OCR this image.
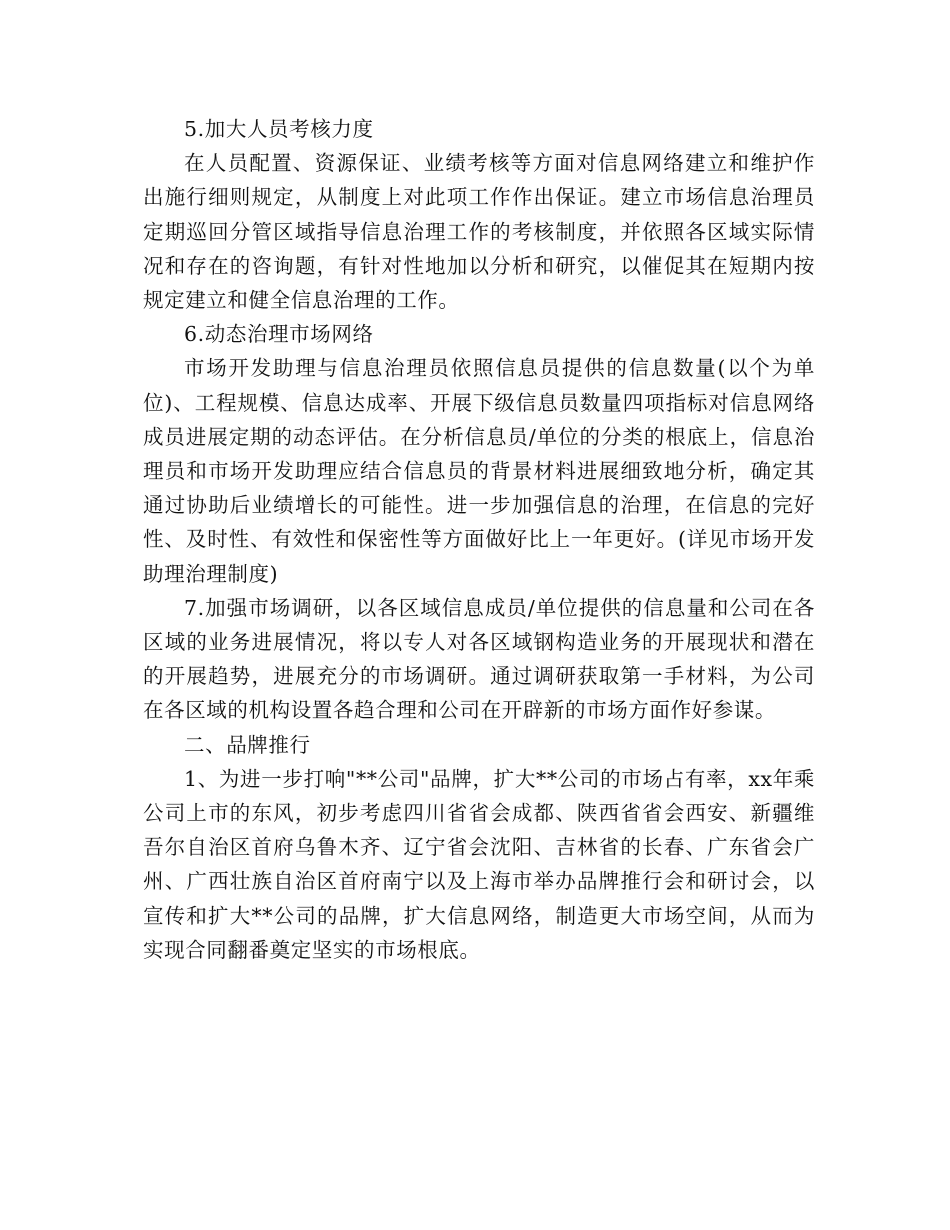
5.加大人员考核力度

在人员配置、资源保证、业绩考核等方面对信息网络建立和维护作出施行细则规定，从制度上对此项工作作出保证。建立市场信息治理员定期巡回分管区域指导信息治理工作的考核制度，并依照各区域实际情况和存在的咨询题，有针对性地加以分析和研究，以催促其在短期内按规定建立和健全信息治理的工作。

6.动态治理市场网络

市场开发助理与信息治理员依照信息员提供的信息数量(以个为单位)、工程规模、信息达成率、开展下级信息员数量四项指标对信息网络成员进展定期的动态评估。在分析信息员/单位的分类的根底上，信息治理员和市场开发助理应结合信息员的背景材料进展细致地分析，确定其通过协助后业绩增长的可能性。进一步加强信息的治理，在信息的完好性、及时性、有效性和保密性等方面做好比上一年更好。(详见市场开发助理治理制度)

7.加强市场调研，以各区域信息成员/单位提供的信息量和公司在各区域的业务进展情况，将以专人对各区域钢构造业务的开展现状和潜在的开展趋势，进展充分的市场调研。通过调研获取第一手材料，为公司在各区域的机构设置各趋合理和公司在开辟新的市场方面作好参谋。

二、品牌推行

1、为进一步打响"**公司"品牌，扩大**公司的市场占有率，xx年乘公司上市的东风，初步考虑四川省省会成都、陕西省省会西安、新疆维吾尔自治区首府乌鲁木齐、辽宁省会沈阳、吉林省的长春、广东省会广州、广西壮族自治区首府南宁以及上海市举办品牌推行会和研讨会，以宣传和扩大**公司的品牌，扩大信息网络，制造更大市场空间，从而为实现合同翻番奠定坚实的市场根底。
